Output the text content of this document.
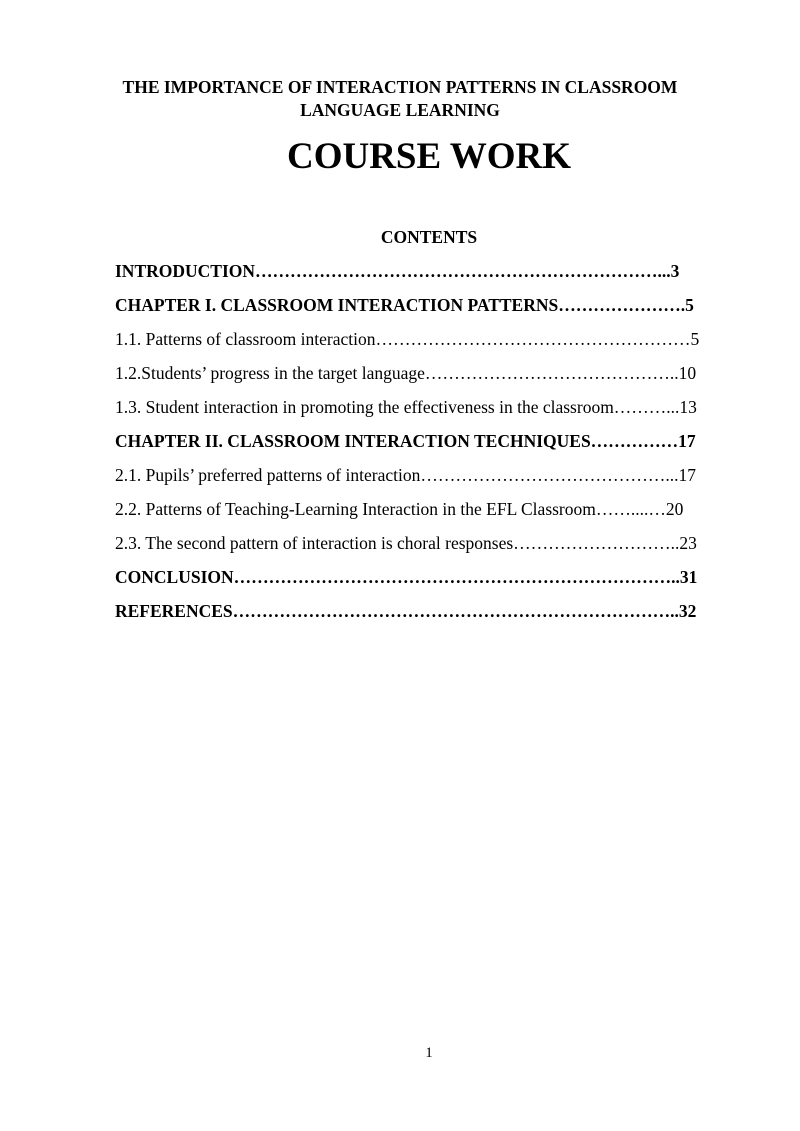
THE IMPORTANCE OF INTERACTION PATTERNS IN CLASSROOM
LANGUAGE LEARNING
COURSE WORK
CONTENTS
INTRODUCTION……………………………………………………………...3
CHAPTER I. CLASSROOM INTERACTION PATTERNS………………….5
1.1. Patterns of classroom interaction………………………………………………5
1.2.Students’ progress in the target language……………………………………..10
1.3. Student interaction in promoting the effectiveness in the classroom………...13
CHAPTER II. CLASSROOM INTERACTION TECHNIQUES……………17
2.1. Pupils’ preferred patterns of interaction……………………………………...17
2.2. Patterns of Teaching-Learning Interaction in the EFL Classroom……....…20
2.3. The second pattern of interaction is choral responses………………………..23
CONCLUSION…………………………………………………………………..31
REFERENCES…………………………………………………………………..32
1
